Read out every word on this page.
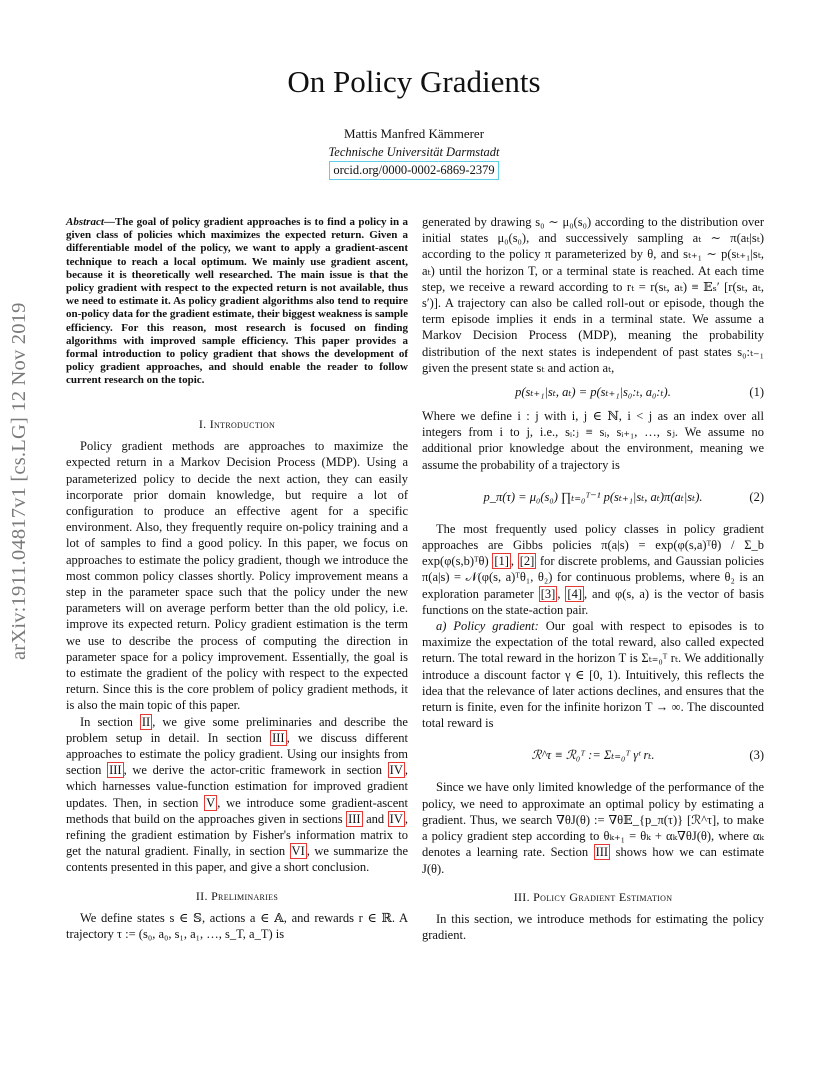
On Policy Gradients
Mattis Manfred Kämmerer
Technische Universität Darmstadt
orcid.org/0000-0002-6869-2379
arXiv:1911.04817v1 [cs.LG] 12 Nov 2019
Abstract—The goal of policy gradient approaches is to find a policy in a given class of policies which maximizes the expected return. Given a differentiable model of the policy, we want to apply a gradient-ascent technique to reach a local optimum. We mainly use gradient ascent, because it is theoretically well researched. The main issue is that the policy gradient with respect to the expected return is not available, thus we need to estimate it. As policy gradient algorithms also tend to require on-policy data for the gradient estimate, their biggest weakness is sample efficiency. For this reason, most research is focused on finding algorithms with improved sample efficiency. This paper provides a formal introduction to policy gradient that shows the development of policy gradient approaches, and should enable the reader to follow current research on the topic.
I. Introduction

Policy gradient methods are approaches to maximize the expected return in a Markov Decision Process (MDP). Using a parameterized policy to decide the next action, they can easily incorporate prior domain knowledge, but require a lot of configuration to produce an effective agent for a specific environment. Also, they frequently require on-policy training and a lot of samples to find a good policy. In this paper, we focus on approaches to estimate the policy gradient, though we introduce the most common policy classes shortly. Policy improvement means a step in the parameter space such that the policy under the new parameters will on average perform better than the old policy, i.e. improve its expected return. Policy gradient estimation is the term we use to describe the process of computing the direction in parameter space for a policy improvement. Essentially, the goal is to estimate the gradient of the policy with respect to the expected return. Since this is the core problem of policy gradient methods, it is also the main topic of this paper.

In section II , we give some preliminaries and describe the problem setup in detail. In section III , we discuss different approaches to estimate the policy gradient. Using our insights from section III , we derive the actor-critic framework in section IV , which harnesses value-function estimation for improved gradient updates. Then, in section V , we introduce some gradient-ascent methods that build on the approaches given in sections III and IV , refining the gradient estimation by Fisher's information matrix to get the natural gradient. Finally, in section VI , we summarize the contents presented in this paper, and give a short conclusion.

II. Preliminaries

We define states s ∈ 𝕊, actions a ∈ 𝔸, and rewards r ∈ ℝ. A trajectory τ := (s₀, a₀, s₁, a₁, …, s_T, a_T) is

generated by drawing s₀ ∼ μ₀(s₀) according to the distribution over initial states μ₀(s₀), and successively sampling aₜ ∼ π(aₜ|sₜ) according to the policy π parameterized by θ, and sₜ₊₁ ∼ p(sₜ₊₁|sₜ, aₜ) until the horizon T, or a terminal state is reached. At each time step, we receive a reward according to rₜ = r(sₜ, aₜ) ≡ 𝔼ₛ′ [r(sₜ, aₜ, s′)]. A trajectory can also be called roll-out or episode, though the term episode implies it ends in a terminal state. We assume a Markov Decision Process (MDP), meaning the probability distribution of the next states is independent of past states s₀:ₜ₋₁ given the present state sₜ and action aₜ,

p(sₜ₊₁|sₜ, aₜ) = p(sₜ₊₁|s₀:ₜ, a₀:ₜ).	(1)

Where we define i : j with i, j ∈ ℕ, i < j as an index over all integers from i to j, i.e., sᵢ:ⱼ ≡ sᵢ, sᵢ₊₁, …, sⱼ. We assume no additional prior knowledge about the environment, meaning we assume the probability of a trajectory is

p_π(τ) = μ₀(s₀) ∏ₜ₌₀ᵀ⁻¹ p(sₜ₊₁|sₜ, aₜ)π(aₜ|sₜ).	(2)

The most frequently used policy classes in policy gradient approaches are Gibbs policies π(a|s) = exp(φ(s,a)ᵀθ) / Σ_b exp(φ(s,b)ᵀθ) [1] , [2] for discrete problems, and Gaussian policies π(a|s) = 𝒩(φ(s, a)ᵀθ₁, θ₂) for continuous problems, where θ₂ is an exploration parameter [3] , [4] , and φ(s, a) is the vector of basis functions on the state-action pair.

a) Policy gradient: Our goal with respect to episodes is to maximize the expectation of the total reward, also called expected return. The total reward in the horizon T is Σₜ₌₀ᵀ rₜ. We additionally introduce a discount factor γ ∈ [0, 1). Intuitively, this reflects the idea that the relevance of later actions declines, and ensures that the return is finite, even for the infinite horizon T → ∞. The discounted total reward is

ℛ^τ ≡ ℛ₀ᵀ := Σₜ₌₀ᵀ γᵗ rₜ.	(3)

Since we have only limited knowledge of the performance of the policy, we need to approximate an optimal policy by estimating a gradient. Thus, we search ∇θJ(θ) := ∇θ𝔼_{p_π(τ)} [ℛ^τ], to make a policy gradient step according to θₖ₊₁ = θₖ + αₖ∇θJ(θ), where αₖ denotes a learning rate. Section III shows how we can estimate J(θ).

III. Policy Gradient Estimation

In this section, we introduce methods for estimating the policy gradient.
